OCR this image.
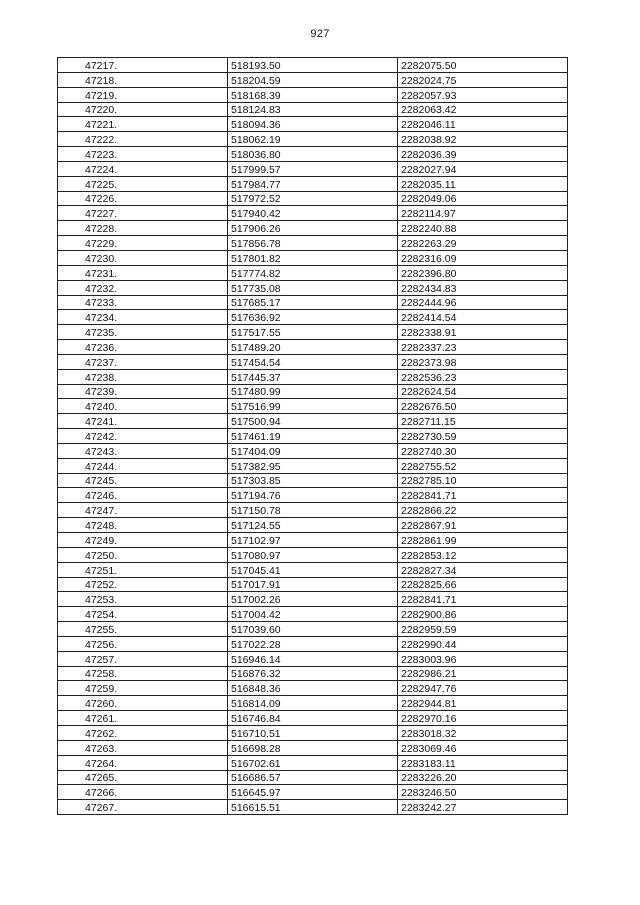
927
47217.	518193.50	2282075.50
47218.	518204.59	2282024.75
47219.	518168.39	2282057.93
47220.	518124.83	2282063.42
47221.	518094.36	2282046.11
47222.	518062.19	2282038.92
47223.	518036.80	2282036.39
47224.	517999.57	2282027.94
47225.	517984.77	2282035.11
47226.	517972.52	2282049.06
47227.	517940.42	2282114.97
47228.	517906.26	2282240.88
47229.	517856.78	2282263.29
47230.	517801.82	2282316.09
47231.	517774.82	2282396.80
47232.	517735.08	2282434.83
47233.	517685.17	2282444.96
47234.	517636.92	2282414.54
47235.	517517.55	2282338.91
47236.	517489.20	2282337.23
47237.	517454.54	2282373.98
47238.	517445.37	2282536.23
47239.	517480.99	2282624.54
47240.	517516.99	2282676.50
47241.	517500.94	2282711.15
47242.	517461.19	2282730.59
47243.	517404.09	2282740.30
47244.	517382.95	2282755.52
47245.	517303.85	2282785.10
47246.	517194.76	2282841.71
47247.	517150.78	2282866.22
47248.	517124.55	2282867.91
47249.	517102.97	2282861.99
47250.	517080.97	2282853.12
47251.	517045.41	2282827.34
47252.	517017.91	2282825.66
47253.	517002.26	2282841.71
47254.	517004.42	2282900.86
47255.	517039.60	2282959.59
47256.	517022.28	2282990.44
47257.	516946.14	2283003.96
47258.	516876.32	2282986.21
47259.	516848.36	2282947.76
47260.	516814.09	2282944.81
47261.	516746.84	2282970.16
47262.	516710.51	2283018.32
47263.	516698.28	2283069.46
47264.	516702.61	2283183.11
47265.	516686.57	2283226.20
47266.	516645.97	2283246.50
47267.	516615.51	2283242.27
